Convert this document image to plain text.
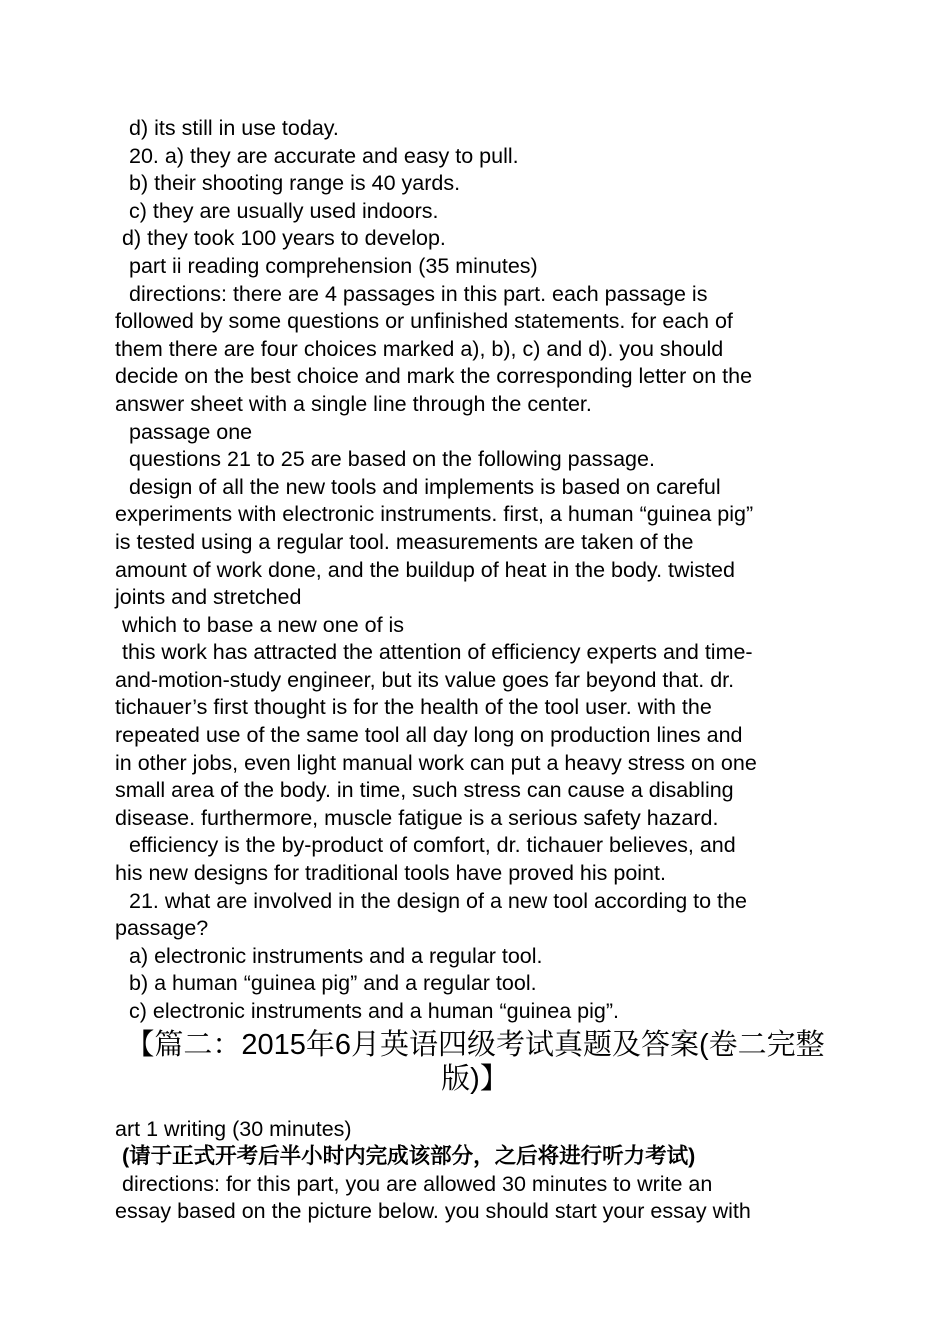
d) its still in use today.

20. a) they are accurate and easy to pull.

b) their shooting range is 40 yards.

c) they are usually used indoors.

d) they took 100 years to develop.

part ii reading comprehension (35 minutes)

directions: there are 4 passages in this part. each passage is

followed by some questions or unfinished statements. for each of

them there are four choices marked a), b), c) and d). you should

decide on the best choice and mark the corresponding letter on the

answer sheet with a single line through the center.

passage one

questions 21 to 25 are based on the following passage.

design of all the new tools and implements is based on careful

experiments with electronic instruments. first, a human “guinea pig”

is tested using a regular tool. measurements are taken of the

amount of work done, and the buildup of heat in the body. twisted

joints and stretched

which to base a new one of is

this work has attracted the attention of efficiency experts and time-

and-motion-study engineer, but its value goes far beyond that. dr.

tichauer’s first thought is for the health of the tool user. with the

repeated use of the same tool all day long on production lines and

in other jobs, even light manual work can put a heavy stress on one

small area of the body. in time, such stress can cause a disabling

disease. furthermore, muscle fatigue is a serious safety hazard.

efficiency is the by-product of comfort, dr. tichauer believes, and

his new designs for traditional tools have proved his point.

21. what are involved in the design of a new tool according to the

passage?

a) electronic instruments and a regular tool.

b) a human “guinea pig” and a regular tool.

c) electronic instruments and a human “guinea pig”.

【篇二：2015年6月英语四级考试真题及答案(卷二完整版)】

art 1 writing (30 minutes)

(请于正式开考后半小时内完成该部分，之后将进行听力考试)

directions: for this part, you are allowed 30 minutes to write an

essay based on the picture below. you should start your essay with
